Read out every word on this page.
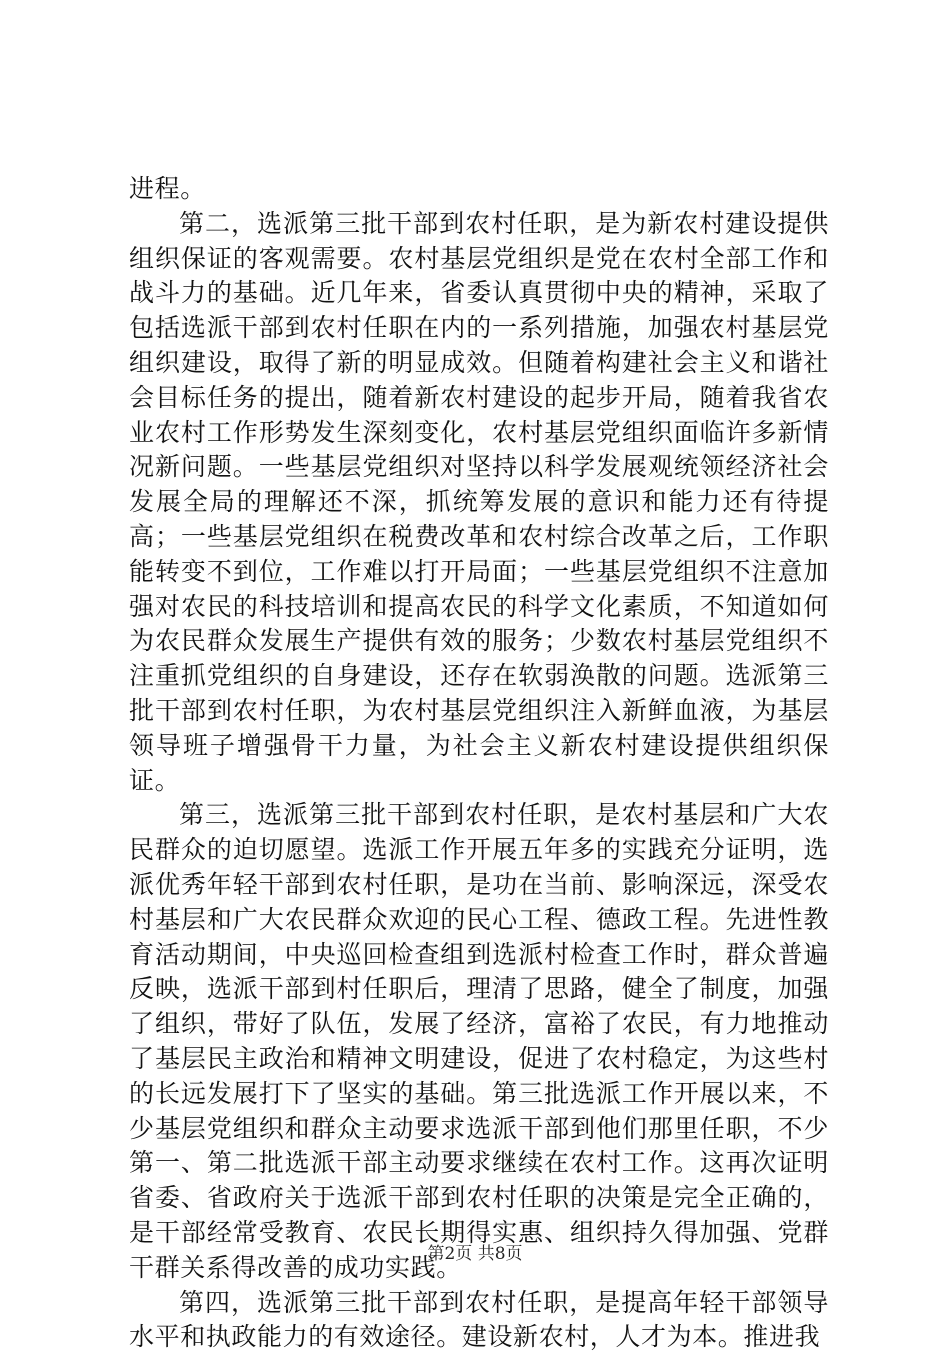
进程。

第二，选派第三批干部到农村任职，是为新农村建设提供组织保证的客观需要。农村基层党组织是党在农村全部工作和战斗力的基础。近几年来，省委认真贯彻中央的精神，采取了包括选派干部到农村任职在内的一系列措施，加强农村基层党组织建设，取得了新的明显成效。但随着构建社会主义和谐社会目标任务的提出，随着新农村建设的起步开局，随着我省农业农村工作形势发生深刻变化，农村基层党组织面临许多新情况新问题。一些基层党组织对坚持以科学发展观统领经济社会发展全局的理解还不深，抓统筹发展的意识和能力还有待提高；一些基层党组织在税费改革和农村综合改革之后，工作职能转变不到位，工作难以打开局面；一些基层党组织不注意加强对农民的科技培训和提高农民的科学文化素质，不知道如何为农民群众发展生产提供有效的服务；少数农村基层党组织不注重抓党组织的自身建设，还存在软弱涣散的问题。选派第三批干部到农村任职，为农村基层党组织注入新鲜血液，为基层领导班子增强骨干力量，为社会主义新农村建设提供组织保证。

第三，选派第三批干部到农村任职，是农村基层和广大农民群众的迫切愿望。选派工作开展五年多的实践充分证明，选派优秀年轻干部到农村任职，是功在当前、影响深远，深受农村基层和广大农民群众欢迎的民心工程、德政工程。先进性教育活动期间，中央巡回检查组到选派村检查工作时，群众普遍反映，选派干部到村任职后，理清了思路，健全了制度，加强了组织，带好了队伍，发展了经济，富裕了农民，有力地推动了基层民主政治和精神文明建设，促进了农村稳定，为这些村的长远发展打下了坚实的基础。第三批选派工作开展以来，不少基层党组织和群众主动要求选派干部到他们那里任职，不少第一、第二批选派干部主动要求继续在农村工作。这再次证明省委、省政府关于选派干部到农村任职的决策是完全正确的，是干部经常受教育、农民长期得实惠、组织持久得加强、党群干群关系得改善的成功实践。

第四，选派第三批干部到农村任职，是提高年轻干部领导水平和执政能力的有效途径。建设新农村，人才为本。推进我

第2页 共8页
